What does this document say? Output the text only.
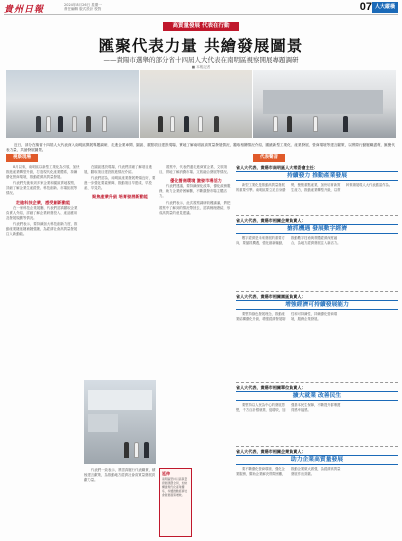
貴州日報	2024年8月26日 星期一
責任編輯 版式設計 校對	07 人大縱橫
高質量發展 代表在行動
匯聚代表力量 共繪發展圖景
——貴陽市選舉的部分省十四屆人大代表在南明區視察開展專題調研
■ 本報記者
近日，部分在築省十四屆人大代表深入南明區開展專題調研，走進企業車間、園區、重點項目建設現場，實地了解南明區高質量發展情況，聽取相關情況介紹，圍繞新型工業化、產業發展、營商環境等建言獻策，以實際行動履職盡責，匯聚代表力量，共繪發展圖景。
視察現場	代表聲音

8月以來，南明區以新型工業化為引領，加快推進產業轉型升級，打造現代化產業體系，持續優化營商環境，推動經濟高質量發展。

代表們先後來到多家企業和園區實地視察，詳細了解企業生產經營、科技創新、市場拓展等情況。

走進科技企業，感受創新動能

在一家科技企業展廳，代表們認真聽取企業負責人介紹，詳細了解企業研發投入、產品應用及發展規劃等情況。

代表們表示，要持續加大科技創新力度，推動產業鏈延鏈補鏈強鏈，為經濟社會高質量發展注入新動能。

在園區建設現場，代表們詳細了解項目進展，聽取項目建設推進情況介紹。

代表們認為，南明區產業發展勢頭良好，要進一步強化要素保障，推動項目早建成、早投產、早見效。

聚焦產業升級 培育發展新動能

代表們一致表示，將認真履行代表職責，積極建言獻策，為推動地方經濟社會高質量發展貢獻力量。

視察中，代表們還走進商貿企業、文旅項目，實地了解消費市場、文旅融合發展等情況。

優化營商環境 激發市場活力

代表們建議，要持續深化改革，優化政務服務，助力企業紓困解難，不斷激發市場主體活力。

代表們表示，此次視察調研收穫滿滿，將把視察中了解到的情況帶回去，認真梳理總結，形成高質量的意見建議。

延伸
南明區堅持以高質量發展統攬全局，加快構建現代化產業體系，持續推動經濟社會發展提質增效。
省人大代表、貴陽市南明區人大常委會主任：
持續發力 推動產業發展
新型工業化是推動高質量發展的重要引擎。南明區要立足自身優勢，聚焦重點產業，加快培育新質生產力，推動產業轉型升級，以實幹實績展現人大代表擔當作為。
省人大代表、貴陽市相關企業負責人：
搶抓機遇 發展數字經濟
數字經濟是未來發展的重要方向，要搶抓機遇，強化創新驅動，推動數字技術與實體經濟深度融合，為地方經濟發展注入新活力。
省人大代表、貴陽市相關園區負責人：
增強經濟可持續發展能力
要堅持綠色發展理念，推動產業結構優化升級，增強經濟發展韌性和可持續性，持續優化營商環境，服務企業發展。
省人大代表、貴陽市相關單位負責人：
擴大就業 改善民生
要堅持以人民為中心的發展思想，千方百計穩就業、促增收，加強基本民生保障，不斷提升群眾獲得感幸福感。
省人大代表、貴陽市相關企業負責人：
助力企業高質量發展
要不斷優化營商環境，強化企業服務，幫助企業解決實際困難，推動企業做大做強，為經濟高質量發展作出貢獻。
